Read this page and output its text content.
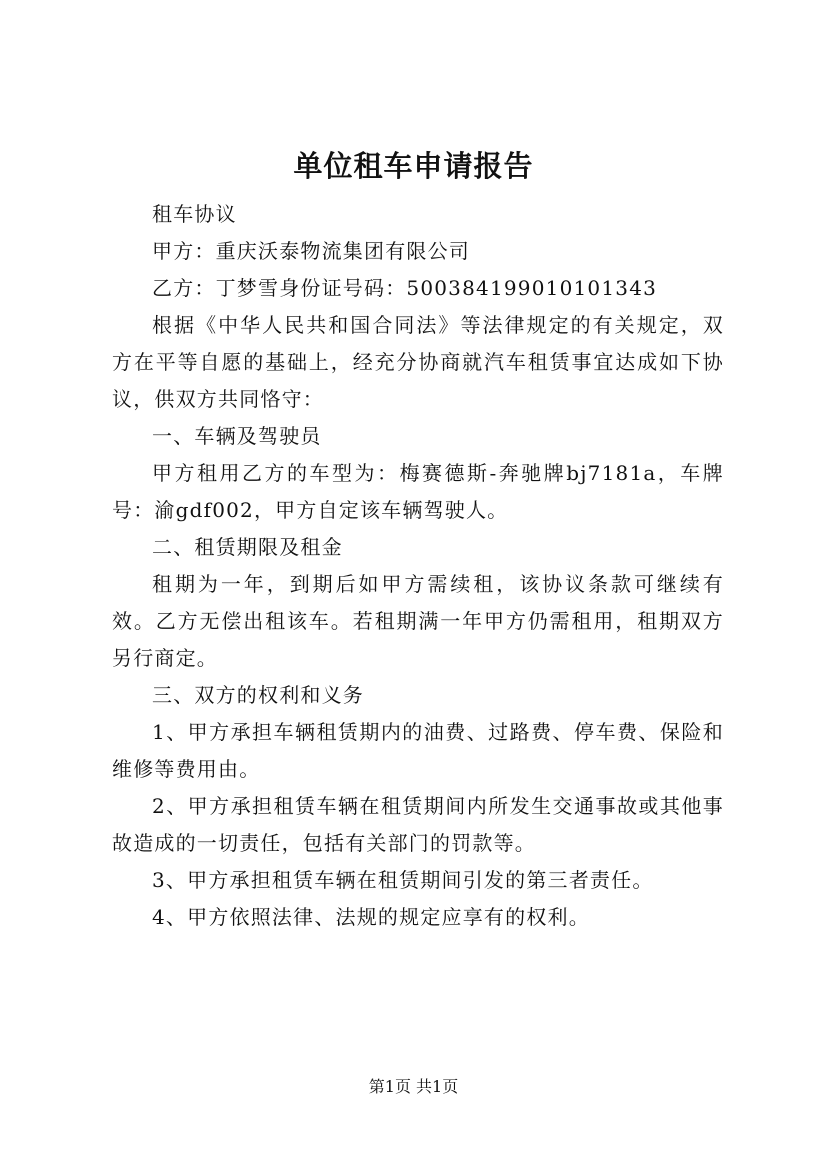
单位租车申请报告

租车协议

甲方：重庆沃泰物流集团有限公司

乙方：丁梦雪身份证号码：500384199010101343

根据《中华人民共和国合同法》等法律规定的有关规定，双方在平等自愿的基础上，经充分协商就汽车租赁事宜达成如下协议，供双方共同恪守：

一、车辆及驾驶员

甲方租用乙方的车型为：梅赛德斯-奔驰牌bj7181a，车牌号：渝gdf002，甲方自定该车辆驾驶人。

二、租赁期限及租金

租期为一年，到期后如甲方需续租，该协议条款可继续有效。乙方无偿出租该车。若租期满一年甲方仍需租用，租期双方另行商定。

三、双方的权利和义务

1、甲方承担车辆租赁期内的油费、过路费、停车费、保险和维修等费用由。

2、甲方承担租赁车辆在租赁期间内所发生交通事故或其他事故造成的一切责任，包括有关部门的罚款等。

3、甲方承担租赁车辆在租赁期间引发的第三者责任。

4、甲方依照法律、法规的规定应享有的权利。

第1页 共1页
